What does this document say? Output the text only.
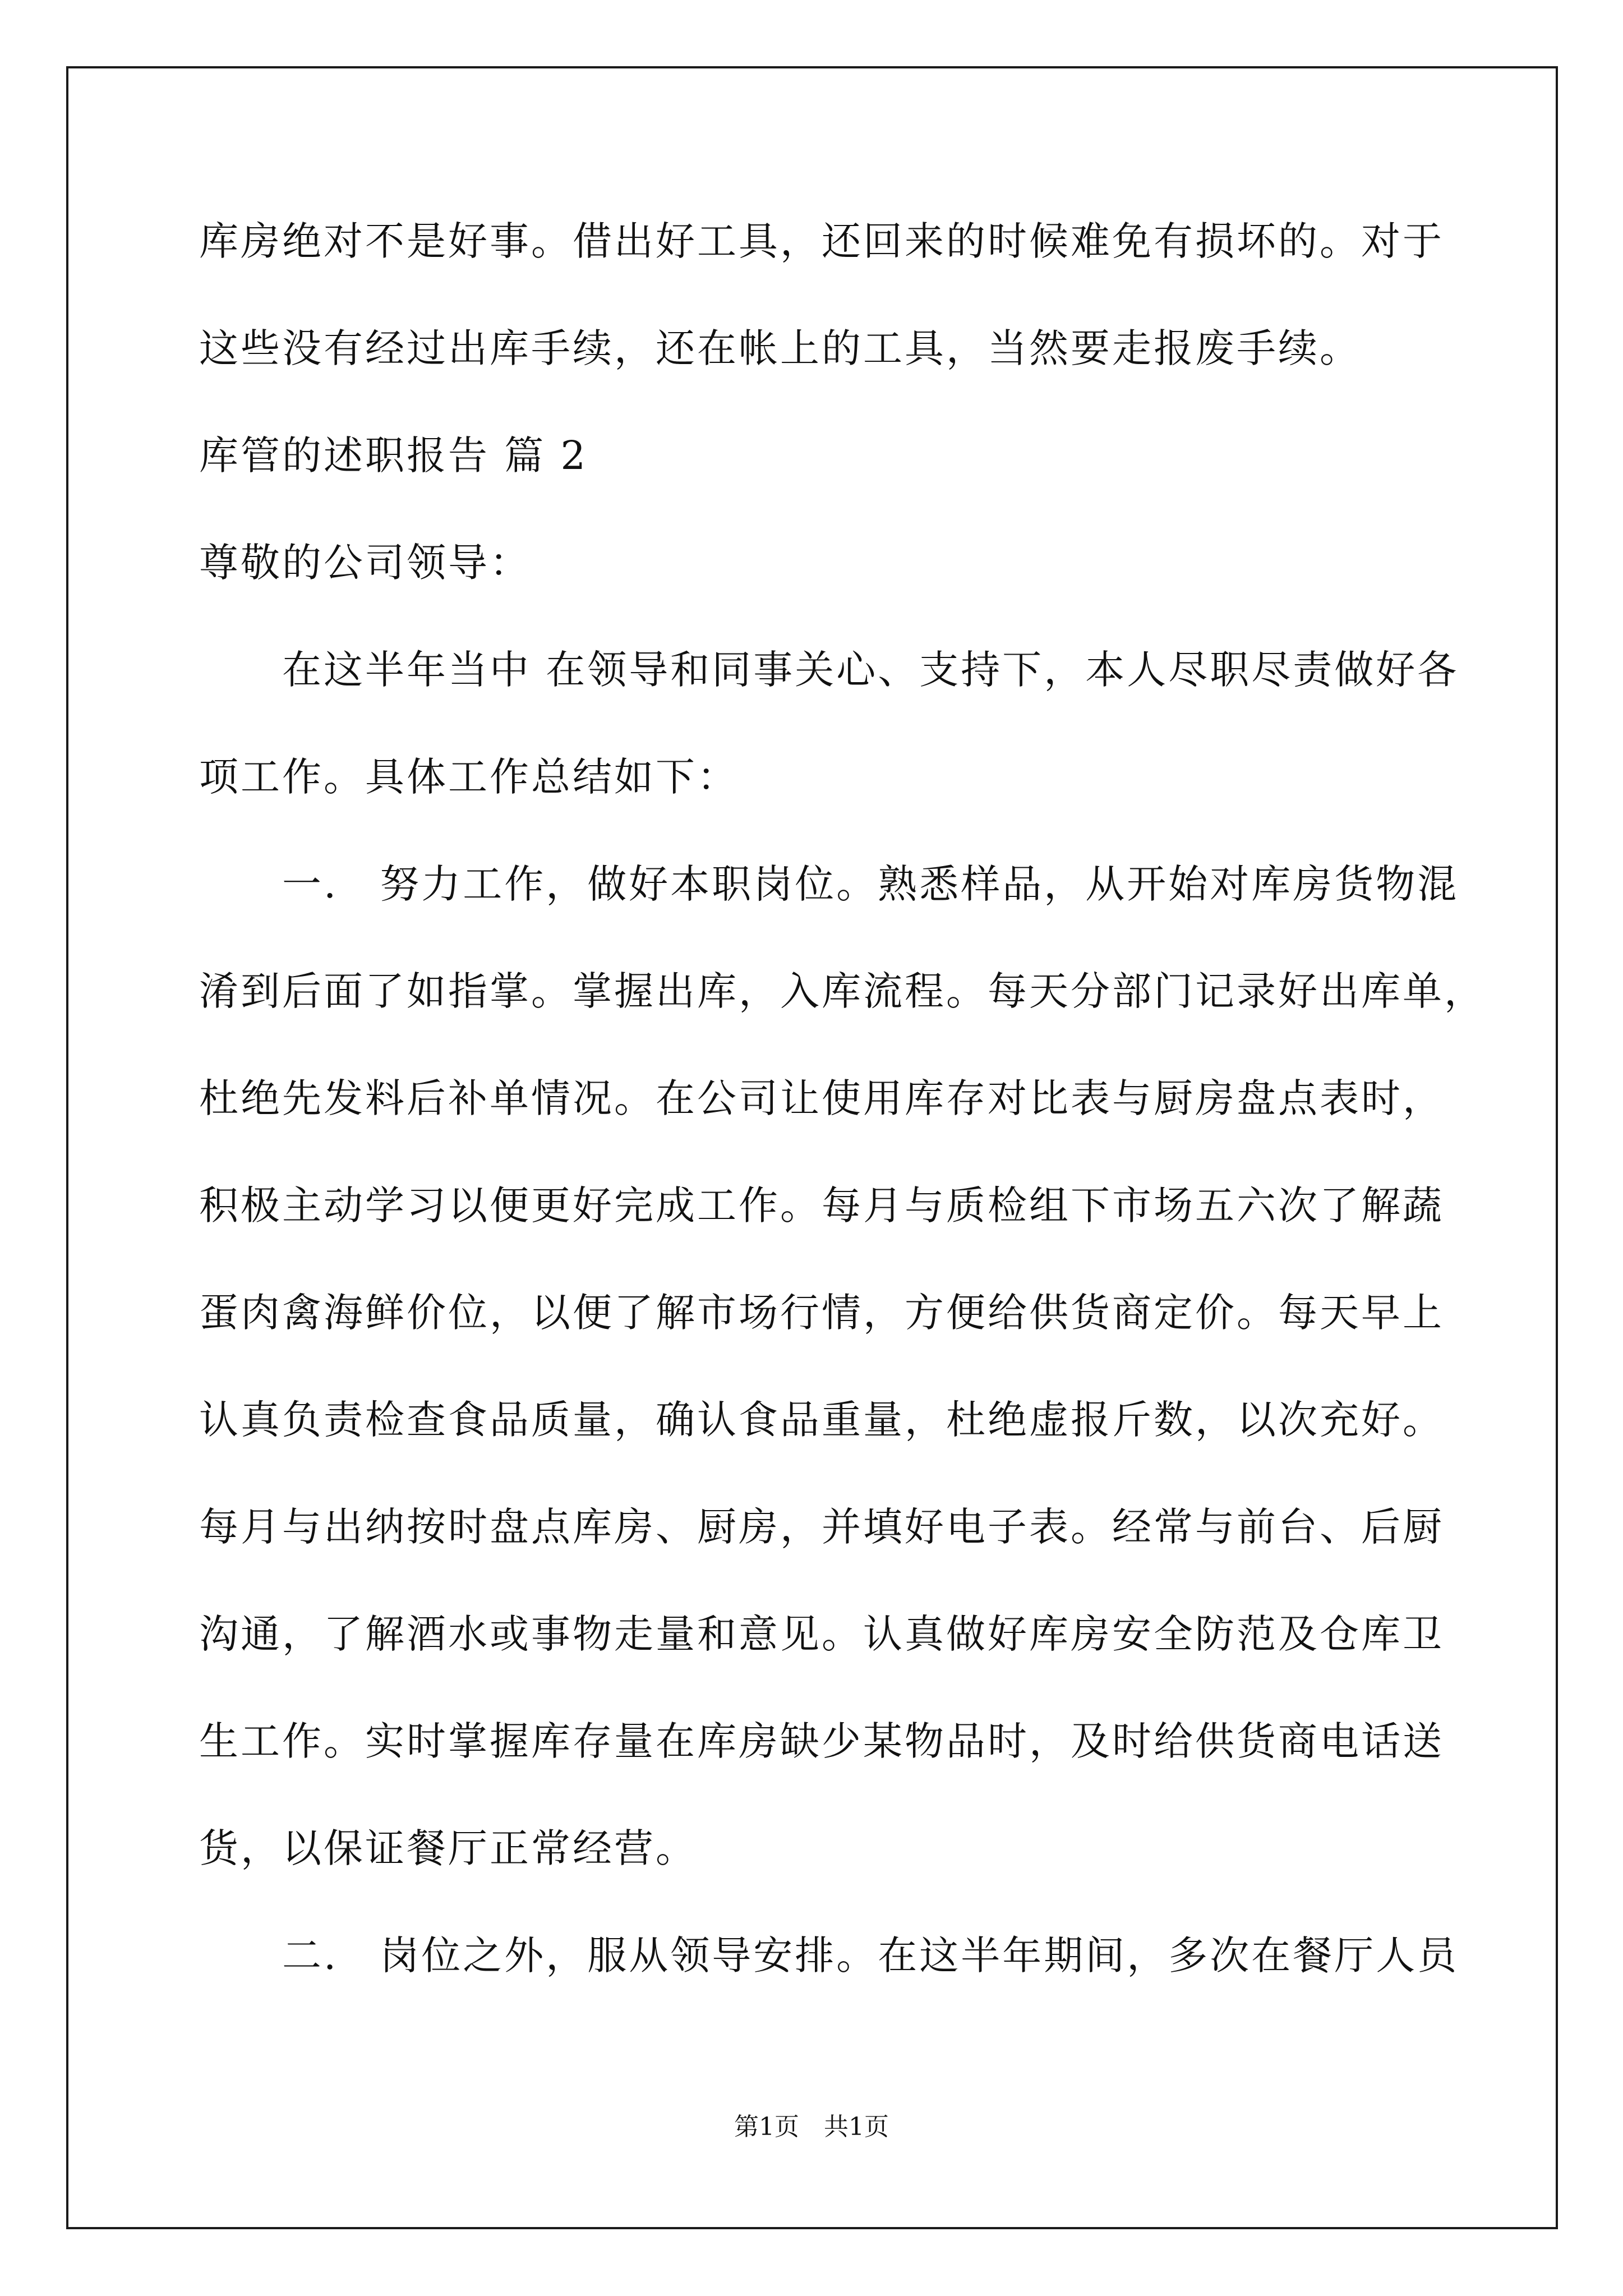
库房绝对不是好事。借出好工具，还回来的时候难免有损坏的。对于
这些没有经过出库手续，还在帐上的工具，当然要走报废手续。
库管的述职报告 篇 2
尊敬的公司领导：
　　在这半年当中 在领导和同事关心、支持下，本人尽职尽责做好各
项工作。具体工作总结如下：
　　一.　努力工作，做好本职岗位。熟悉样品，从开始对库房货物混
淆到后面了如指掌。掌握出库，入库流程。每天分部门记录好出库单，
杜绝先发料后补单情况。在公司让使用库存对比表与厨房盘点表时，
积极主动学习以便更好完成工作。每月与质检组下市场五六次了解蔬
蛋肉禽海鲜价位，以便了解市场行情，方便给供货商定价。每天早上
认真负责检查食品质量，确认食品重量，杜绝虚报斤数，以次充好。
每月与出纳按时盘点库房、厨房，并填好电子表。经常与前台、后厨
沟通，了解酒水或事物走量和意见。认真做好库房安全防范及仓库卫
生工作。实时掌握库存量在库房缺少某物品时，及时给供货商电话送
货，以保证餐厅正常经营。
　　二.　岗位之外，服从领导安排。在这半年期间，多次在餐厅人员
第1页　共1页
